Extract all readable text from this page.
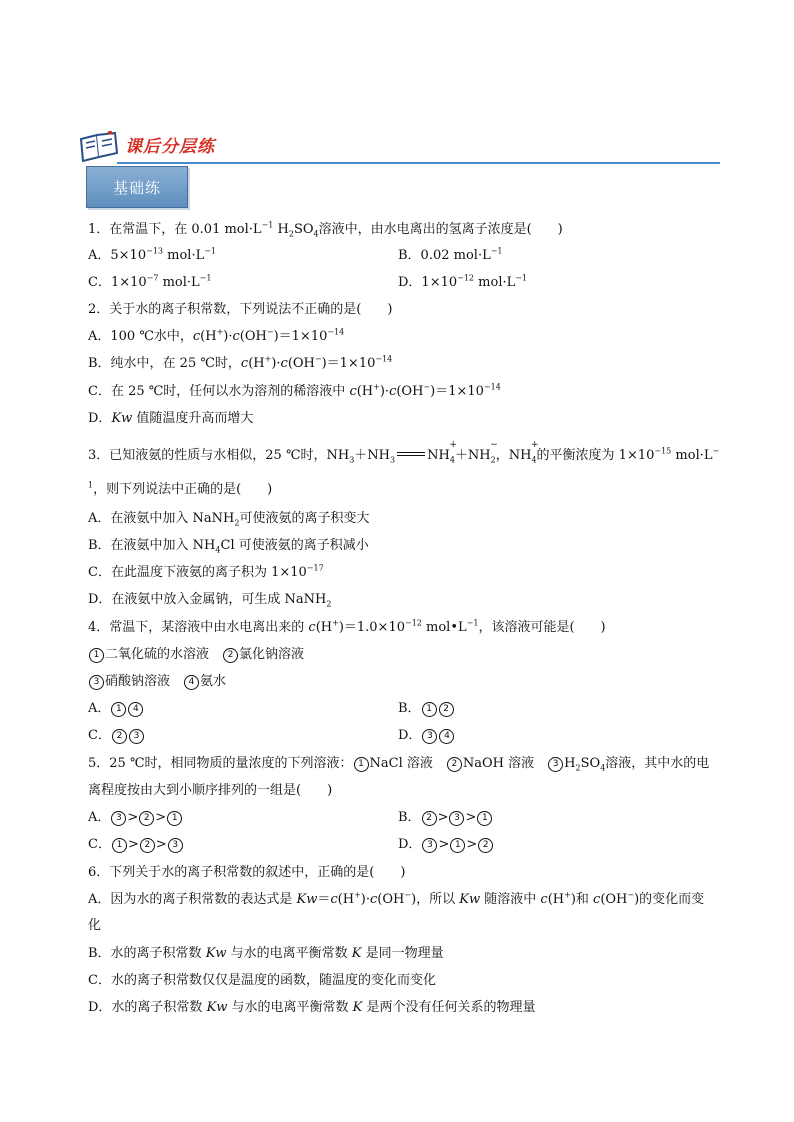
课后分层练
基础练
1．在常温下，在 0.01 $mol\cdot L^{-1}$ $H_2SO_4$溶液中，由水电离出的氢离子浓度是(　　)
A．$5\times 10^{-13}$ $mol\cdot L^{-1}$	B．0.02 $mol\cdot L^{-1}$
C．$1\times 10^{-7}$ $mol\cdot L^{-1}$	D．$1\times 10^{-12}$ $mol\cdot L^{-1}$
2．关于水的离子积常数，下列说法不正确的是(　　)
A．100 ℃水中，$c(H^+)\cdot c(OH^-)=1\times 10^{-14}$
B．纯水中，在 25 ℃时，$c(H^+)\cdot c(OH^-)=1\times 10^{-14}$
C．在 25 ℃时，任何以水为溶剂的稀溶液中 $c(H^+)\cdot c(OH^-)=1\times 10^{-14}$
D．Kw 值随温度升高而增大
3．已知液氨的性质与水相似，25 ℃时，$NH_3+NH_3$ $NH_4$
+
$+NH_2$
−
，$NH_4$
+
的平衡浓度为 $1\times 10^{-15}$ mol·L−
$^1$，则下列说法中正确的是(　　)
A．在液氨中加入 NaNH$_2$可使液氨的离子积变大
B．在液氨中加入 $NH_4Cl$ 可使液氨的离子积减小
C．在此温度下液氨的离子积为 $1\times 10^{-17}$
D．在液氨中放入金属钠，可生成 NaNH$_2$
4．常温下，某溶液中由水电离出来的 $c(H^+)=1.0\times 10^{-12}$ $mol•L^{-1}$，该溶液可能是(　　)
1 二氧化硫的水溶液　 2 氯化钠溶液
3 硝酸钠溶液　 4 氨水
A． 1 4	B． 1 2
C． 2 3	D． 3 4
5．25 ℃时，相同物质的量浓度的下列溶液： 1 NaCl 溶液　 2 NaOH 溶液　 3 $H_2SO_4$溶液，其中水的电
离程度按由大到小顺序排列的一组是(　　)
A． 3 > 2 > 1	B． 2 > 3 > 1
C． 1 > 2 > 3	D． 3 > 1 > 2
6．下列关于水的离子积常数的叙述中，正确的是(　　)
A．因为水的离子积常数的表达式是 Kw＝c(H+)·c(OH−)，所以 Kw 随溶液中 c(H+)和 c(OH−)的变化而变
化
B．水的离子积常数 Kw 与水的电离平衡常数 K 是同一物理量
C．水的离子积常数仅仅是温度的函数，随温度的变化而变化
D．水的离子积常数 Kw 与水的电离平衡常数 K 是两个没有任何关系的物理量
